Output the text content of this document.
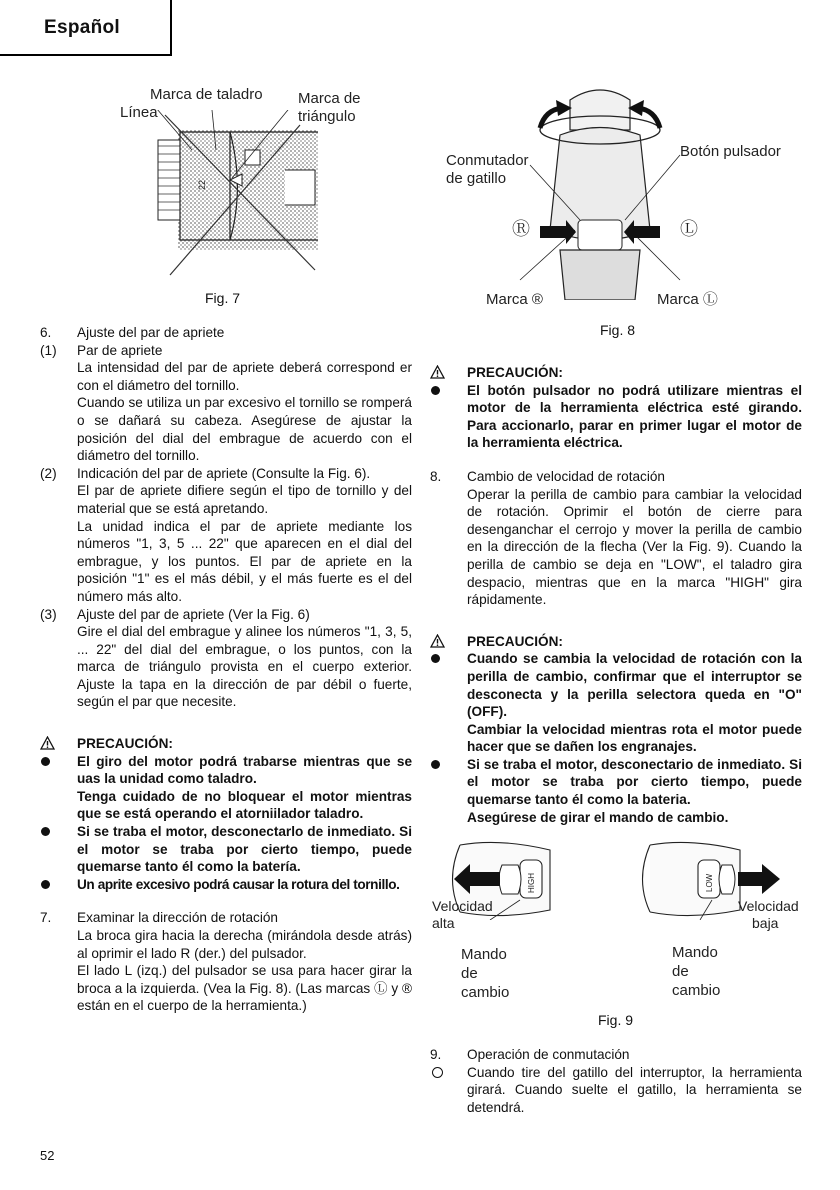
Español
22
Marca de taladro
Línea
Marca de
triángulo
Fig. 7
Ⓡ	Ⓛ
Conmutador
de gatillo
Botón pulsador
Marca ®	Marca Ⓛ
Fig. 8
6. Ajuste del par de apriete

(1) Par de apriete

La intensidad del par de apriete deberá correspond er con el diámetro del tornillo.

Cuando se utiliza un par excesivo el tornillo se romperá o se dañará su cabeza. Asegúrese de ajustar la posición del dial del embrague de acuerdo con el diámetro del tornillo.

(2) Indicación del par de apriete (Consulte la Fig. 6).

El par de apriete difiere según el tipo de tornillo y del material que se está apretando.

La unidad indica el par de apriete mediante los números "1, 3, 5 ... 22" que aparecen en el dial del embrague, y los puntos. El par de apriete en la posición "1" es el más débil, y el más fuerte es el del número más alto.

(3) Ajuste del par de apriete (Ver la Fig. 6)

Gire el dial del embrague y alinee los números "1, 3, 5, ... 22" del dial del embrague, o los puntos, con la marca de triángulo provista en el cuerpo exterior. Ajuste la tapa en la dirección de par débil o fuerte, según el par que necesite.

PRECAUCIÓN:

El giro del motor podrá trabarse mientras que se uas la unidad como taladro.

Tenga cuidado de no bloquear el motor mientras que se está operando el atorniilador taladro.

Si se traba el motor, desconectarlo de inmediato. Si el motor se traba por cierto tiempo, puede quemarse tanto él como la batería.

Un aprite excesivo podrá causar la rotura del tornillo.

7. Examinar la dirección de rotación

La broca gira hacia la derecha (mirándola desde atrás) al oprimir el lado R (der.) del pulsador.

El lado L (izq.) del pulsador se usa para hacer girar la broca a la izquierda. (Vea la Fig. 8). (Las marcas Ⓛ y ® están en el cuerpo de la herramienta.)

PRECAUCIÓN:

El botón pulsador no podrá utilizare mientras el motor de la herramienta eléctrica esté girando. Para accionarlo, parar en primer lugar el motor de la herramienta eléctrica.

8. Cambio de velocidad de rotación

Operar la perilla de cambio para cambiar la velocidad de rotación. Oprimir el botón de cierre para desenganchar el cerrojo y mover la perilla de cambio en la dirección de la flecha (Ver la Fig. 9). Cuando la perilla de cambio se deja en "LOW", el taladro gira despacio, mientras que en la marca "HIGH" gira rápidamente.

PRECAUCIÓN:

Cuando se cambia la velocidad de rotación con la perilla de cambio, confirmar que el interruptor se desconecta y la perilla selectora queda en "O" (OFF).

Cambiar la velocidad mientras rota el motor puede hacer que se dañen los engranajes.

Si se traba el motor, desconectario de inmediato. Si el motor se traba por cierto tiempo, puede quemarse tanto él como la bateria.

Asegúrese de girar el mando de cambio.

HIGH	LOW
Velocidad
alta
Velocidad
baja
Mando
de
cambio
Mando
de
cambio
Fig. 9
9. Operación de conmutación

Cuando tire del gatillo del interruptor, la herramienta girará. Cuando suelte el gatillo, la herramienta se detendrá.

52
